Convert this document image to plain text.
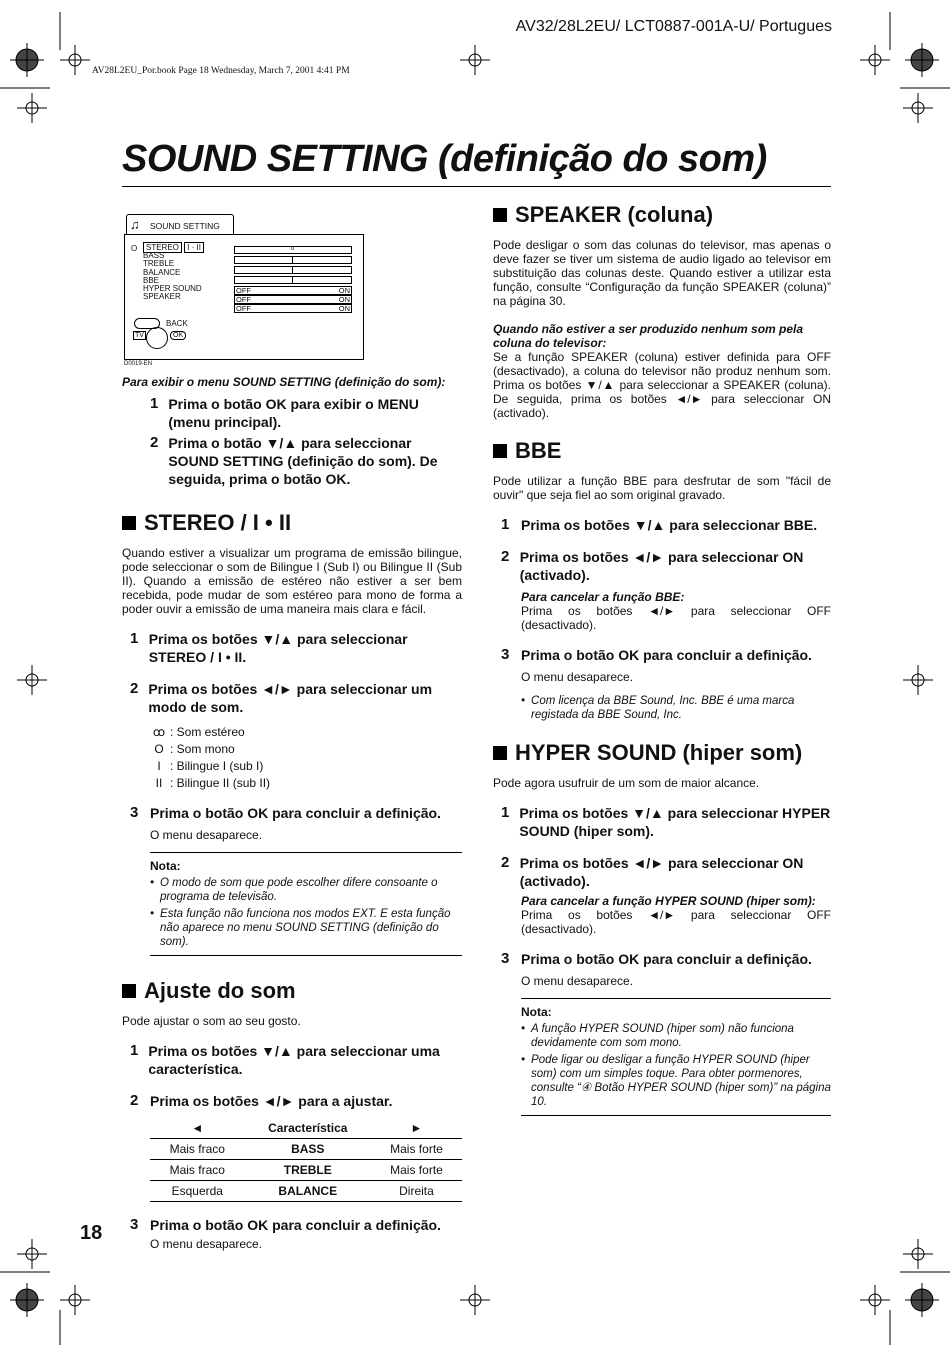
AV32/28L2EU/ LCT0887-001A-U/ Portugues
AV28L2EU_Por.book Page 18 Wednesday, March 7, 2001 4:41 PM
SOUND SETTING (definição do som)
♫ SOUND SETTING
O	STEREO I · II
BASS
TREBLE
BALANCE
BBE
HYPER SOUND
SPEAKER
o
OFF	ON
OFF	ON
OFF	ON
BACK
TV	OK
D0019-EN
Para exibir o menu SOUND SETTING (definição do som):
1 Prima o botão OK para exibir o MENU (menu principal).
2 Prima o botão ▼/▲ para seleccionar SOUND SETTING (definição do som). De seguida, prima o botão OK.
STEREO / I • II
Quando estiver a visualizar um programa de emissão bilingue, pode seleccionar o som de Bilingue I (Sub I) ou Bilingue II (Sub II). Quando a emissão de estéreo não estiver a ser bem recebida, pode mudar de som estéreo para mono de forma a poder ouvir a emissão de uma maneira mais clara e fácil.
1 Prima os botões ▼/▲ para seleccionar STEREO / I • II.
2 Prima os botões ◄/► para seleccionar um modo de som.
ꝏ : Som estéreo
O : Som mono
I : Bilingue I (sub I)
II : Bilingue II (sub II)
3 Prima o botão OK para concluir a definição.
O menu desaparece.
Nota:
• O modo de som que pode escolher difere consoante o programa de televisão.
• Esta função não funciona nos modos EXT. E esta função não aparece no menu SOUND SETTING (definição do som).
Ajuste do som
Pode ajustar o som ao seu gosto.
1 Prima os botões ▼/▲ para seleccionar uma característica.
2 Prima os botões ◄/► para a ajustar.
◄	Característica	►
Mais fraco	BASS	Mais forte
Mais fraco	TREBLE	Mais forte
Esquerda	BALANCE	Direita
3 Prima o botão OK para concluir a definição.
O menu desaparece.
SPEAKER (coluna)
Pode desligar o som das colunas do televisor, mas apenas o deve fazer se tiver um sistema de audio ligado ao televisor em substituição das colunas deste. Quando estiver a utilizar esta função, consulte “Configuração da função SPEAKER (coluna)” na página 30.
Quando não estiver a ser produzido nenhum som pela coluna do televisor:
Se a função SPEAKER (coluna) estiver definida para OFF (desactivado), a coluna do televisor não produz nenhum som. Prima os botões ▼/▲ para seleccionar a SPEAKER (coluna). De seguida, prima os botões ◄/► para seleccionar ON (activado).
BBE
Pode utilizar a função BBE para desfrutar de som "fácil de ouvir" que seja fiel ao som original gravado.
1 Prima os botões ▼/▲ para seleccionar BBE.
2 Prima os botões ◄/► para seleccionar ON (activado).
Para cancelar a função BBE:
Prima os botões ◄/► para seleccionar OFF (desactivado).
3 Prima o botão OK para concluir a definição.
O menu desaparece.
• Com licença da BBE Sound, Inc. BBE é uma marca registada da BBE Sound, Inc.
HYPER SOUND (hiper som)
Pode agora usufruir de um som de maior alcance.
1 Prima os botões ▼/▲ para seleccionar HYPER SOUND (hiper som).
2 Prima os botões ◄/► para seleccionar ON (activado).
Para cancelar a função HYPER SOUND (hiper som):
Prima os botões ◄/► para seleccionar OFF (desactivado).
3 Prima o botão OK para concluir a definição.
O menu desaparece.
Nota:
• A função HYPER SOUND (hiper som) não funciona devidamente com som mono.
• Pode ligar ou desligar a função HYPER SOUND (hiper som) com um simples toque. Para obter pormenores, consulte “④ Botão HYPER SOUND (hiper som)” na página 10.
18
